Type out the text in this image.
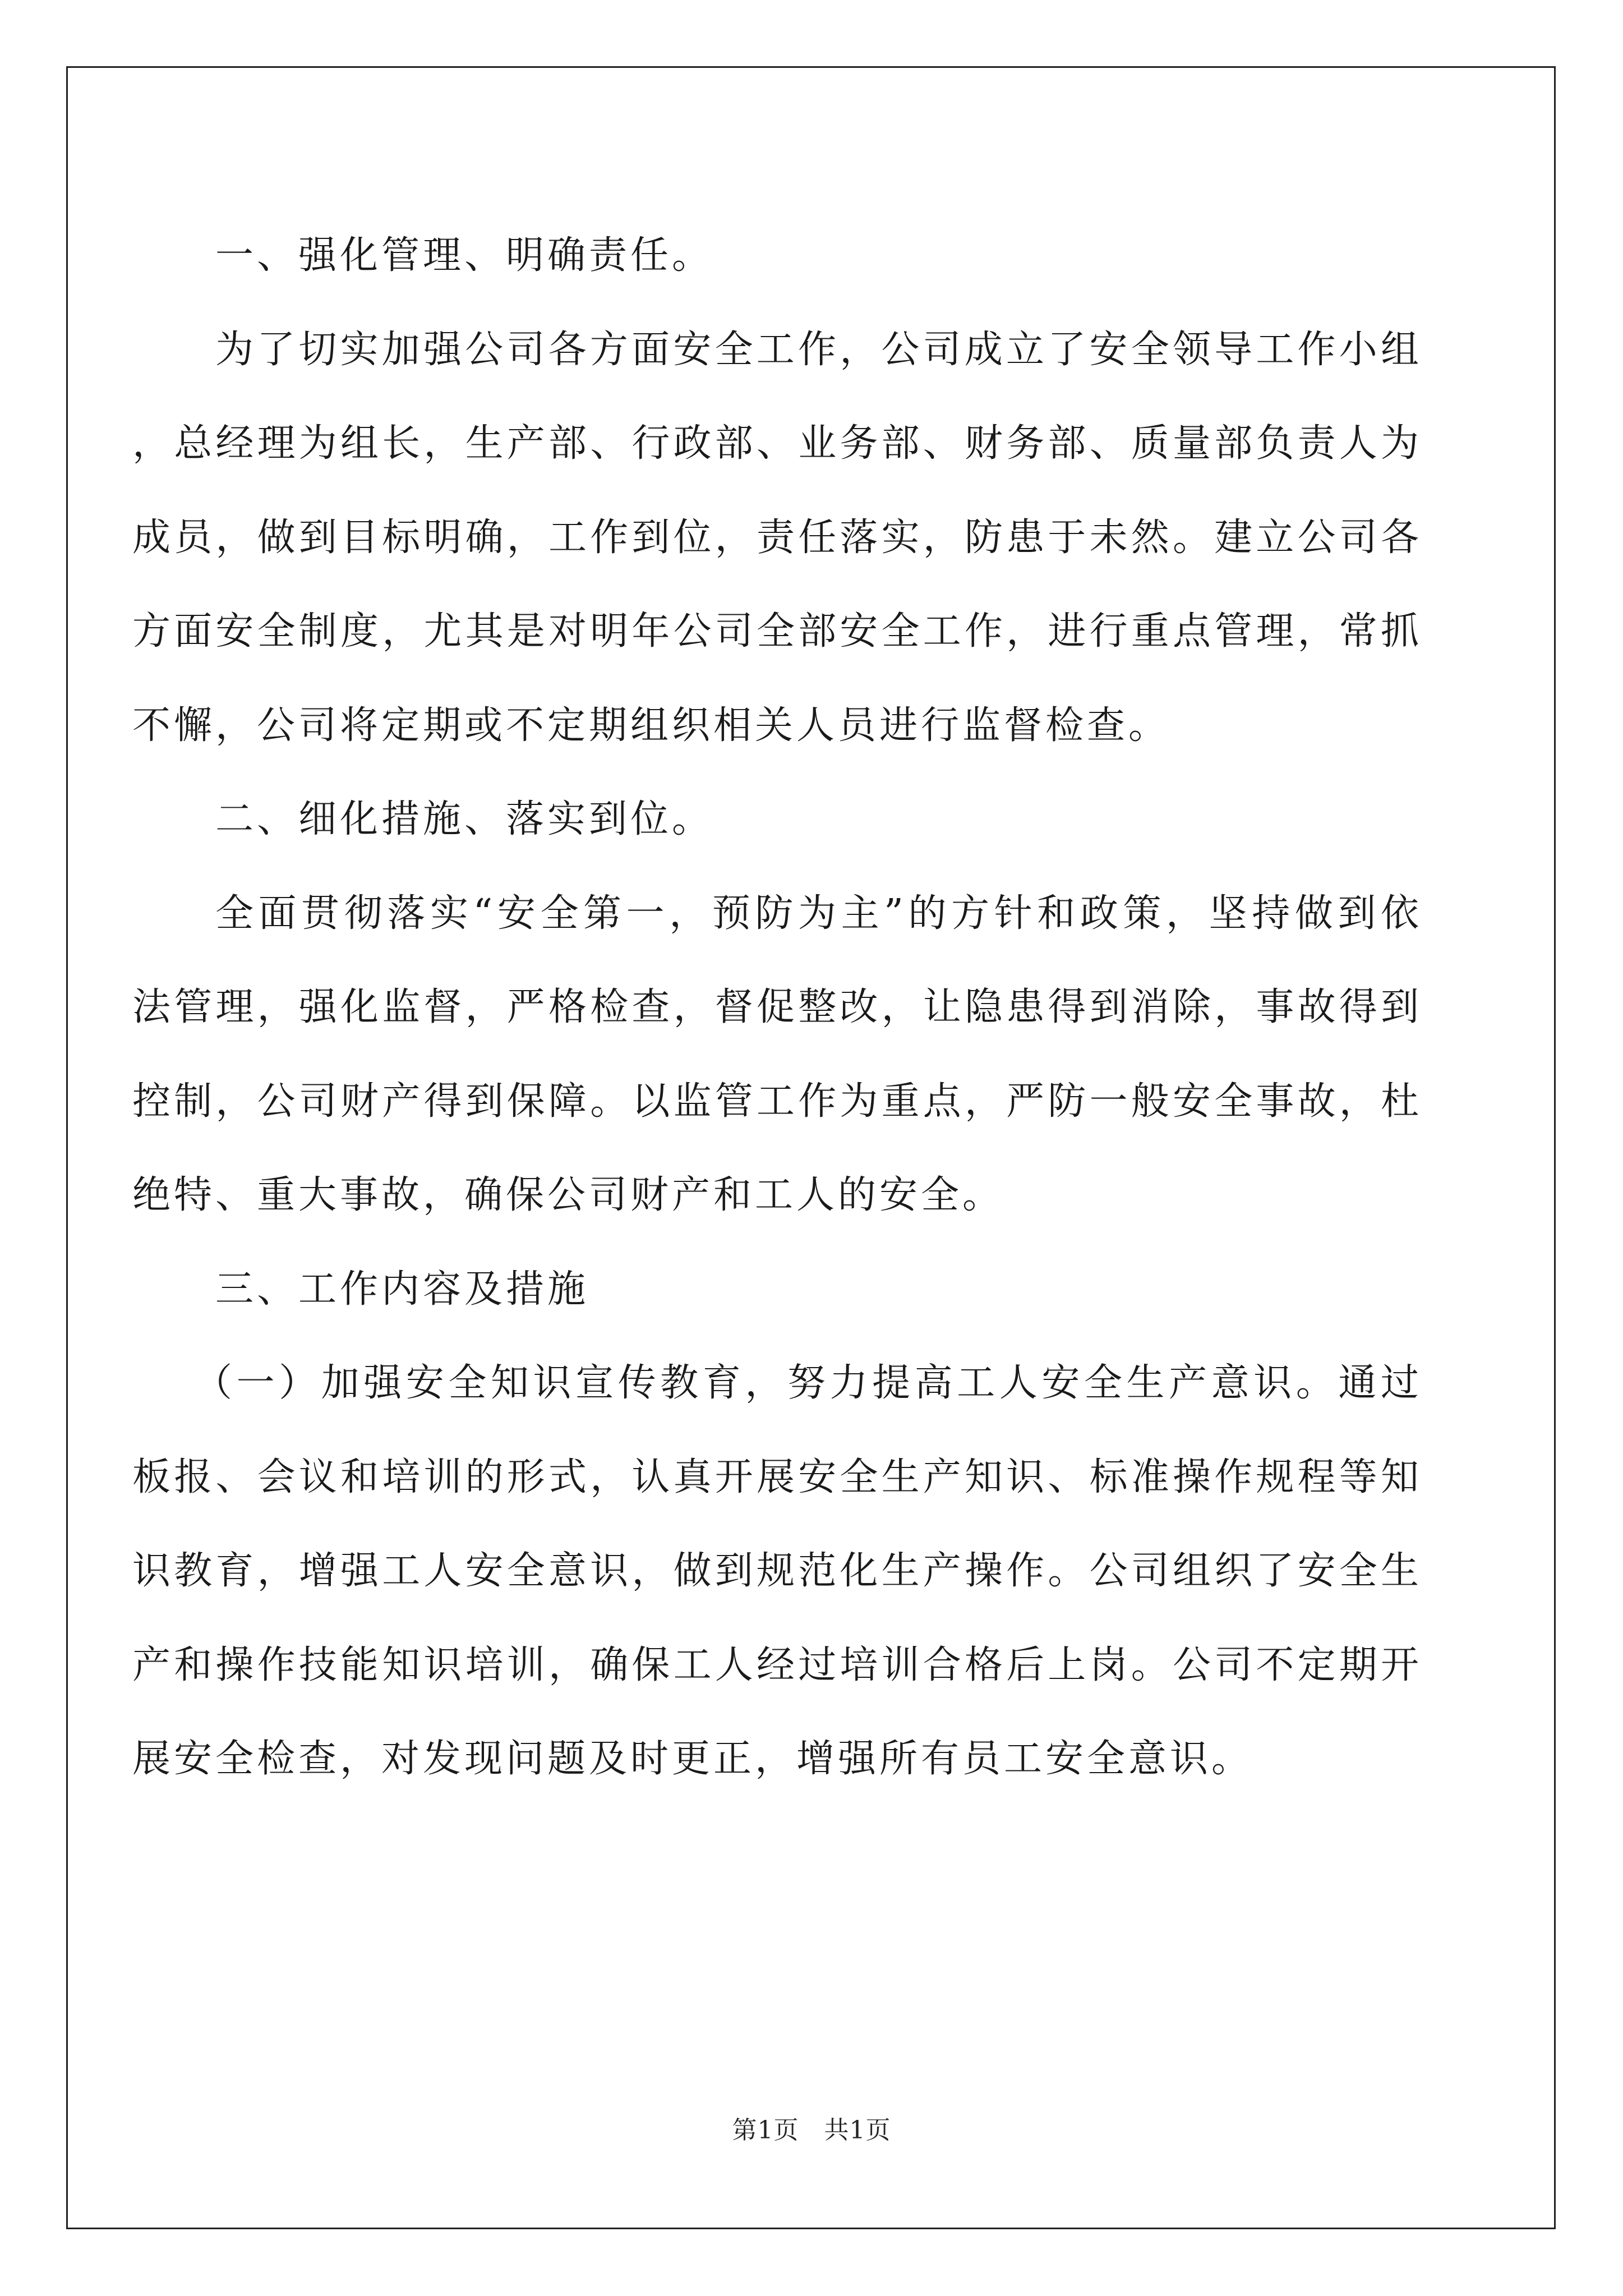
一、强化管理、明确责任。

为了切实加强公司各方面安全工作，公司成立了安全领导工作小组，总经理为组长，生产部、行政部、业务部、财务部、质量部负责人为成员，做到目标明确，工作到位，责任落实，防患于未然。建立公司各方面安全制度，尤其是对明年公司全部安全工作，进行重点管理，常抓不懈，公司将定期或不定期组织相关人员进行监督检查。

二、细化措施、落实到位。

全面贯彻落实“安全第一，预防为主”的方针和政策，坚持做到依法管理，强化监督，严格检查，督促整改，让隐患得到消除，事故得到控制，公司财产得到保障。以监管工作为重点，严防一般安全事故，杜绝特、重大事故，确保公司财产和工人的安全。

三、工作内容及措施

（一）加强安全知识宣传教育，努力提高工人安全生产意识。通过板报、会议和培训的形式，认真开展安全生产知识、标准操作规程等知识教育，增强工人安全意识，做到规范化生产操作。公司组织了安全生产和操作技能知识培训，确保工人经过培训合格后上岗。公司不定期开展安全检查，对发现问题及时更正，增强所有员工安全意识。

第1页　共1页
